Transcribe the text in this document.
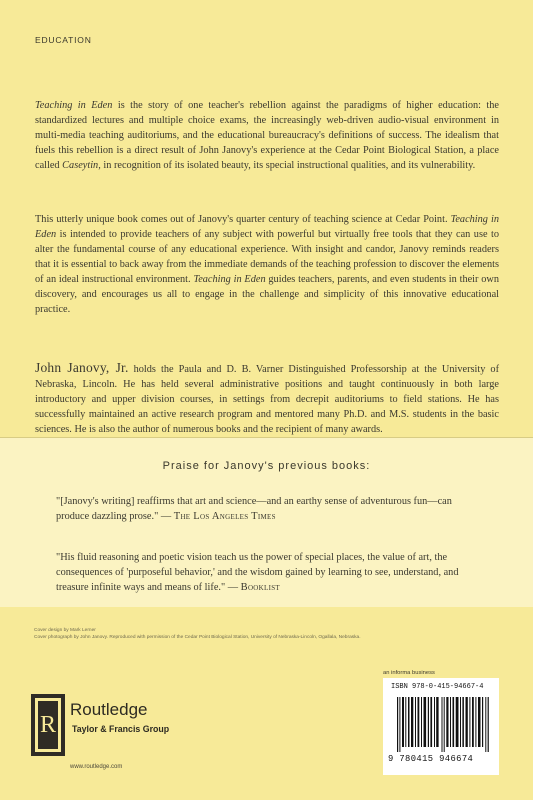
EDUCATION
Teaching in Eden is the story of one teacher's rebellion against the paradigms of higher education: the standardized lectures and multiple choice exams, the increasingly web-driven audio-visual environment in multi-media teaching auditoriums, and the educational bureaucracy's definitions of success. The idealism that fuels this rebellion is a direct result of John Janovy's experience at the Cedar Point Biological Station, a place called Caseytin, in recognition of its isolated beauty, its special instructional qualities, and its vulnerability.
This utterly unique book comes out of Janovy's quarter century of teaching science at Cedar Point. Teaching in Eden is intended to provide teachers of any subject with powerful but virtually free tools that they can use to alter the fundamental course of any educational experience. With insight and candor, Janovy reminds readers that it is essential to back away from the immediate demands of the teaching profession to discover the elements of an ideal instructional environment. Teaching in Eden guides teachers, parents, and even students in their own discovery, and encourages us all to engage in the challenge and simplicity of this innovative educational practice.
John Janovy, Jr. holds the Paula and D. B. Varner Distinguished Professorship at the University of Nebraska, Lincoln. He has held several administrative positions and taught continuously in both large introductory and upper division courses, in settings from decrepit auditoriums to field stations. He has successfully maintained an active research program and mentored many Ph.D. and M.S. students in the basic sciences. He is also the author of numerous books and the recipient of many awards.
Praise for Janovy's previous books:
"[Janovy's writing] reaffirms that art and science—and an earthy sense of adventurous fun—can produce dazzling prose." — The Los Angeles Times
"His fluid reasoning and poetic vision teach us the power of special places, the value of art, the consequences of 'purposeful behavior,' and the wisdom gained by learning to see, understand, and treasure infinite ways and means of life." — Booklist
Cover design by Mark Lerner
Cover photograph by John Janovy. Reproduced with permission of the Cedar Point Biological Station, University of Nebraska-Lincoln, Ogallala, Nebraska.
an informa business
ISBN 978-0-415-94667-4
9 780415 946674
R
Routledge
Taylor & Francis Group
www.routledge.com
